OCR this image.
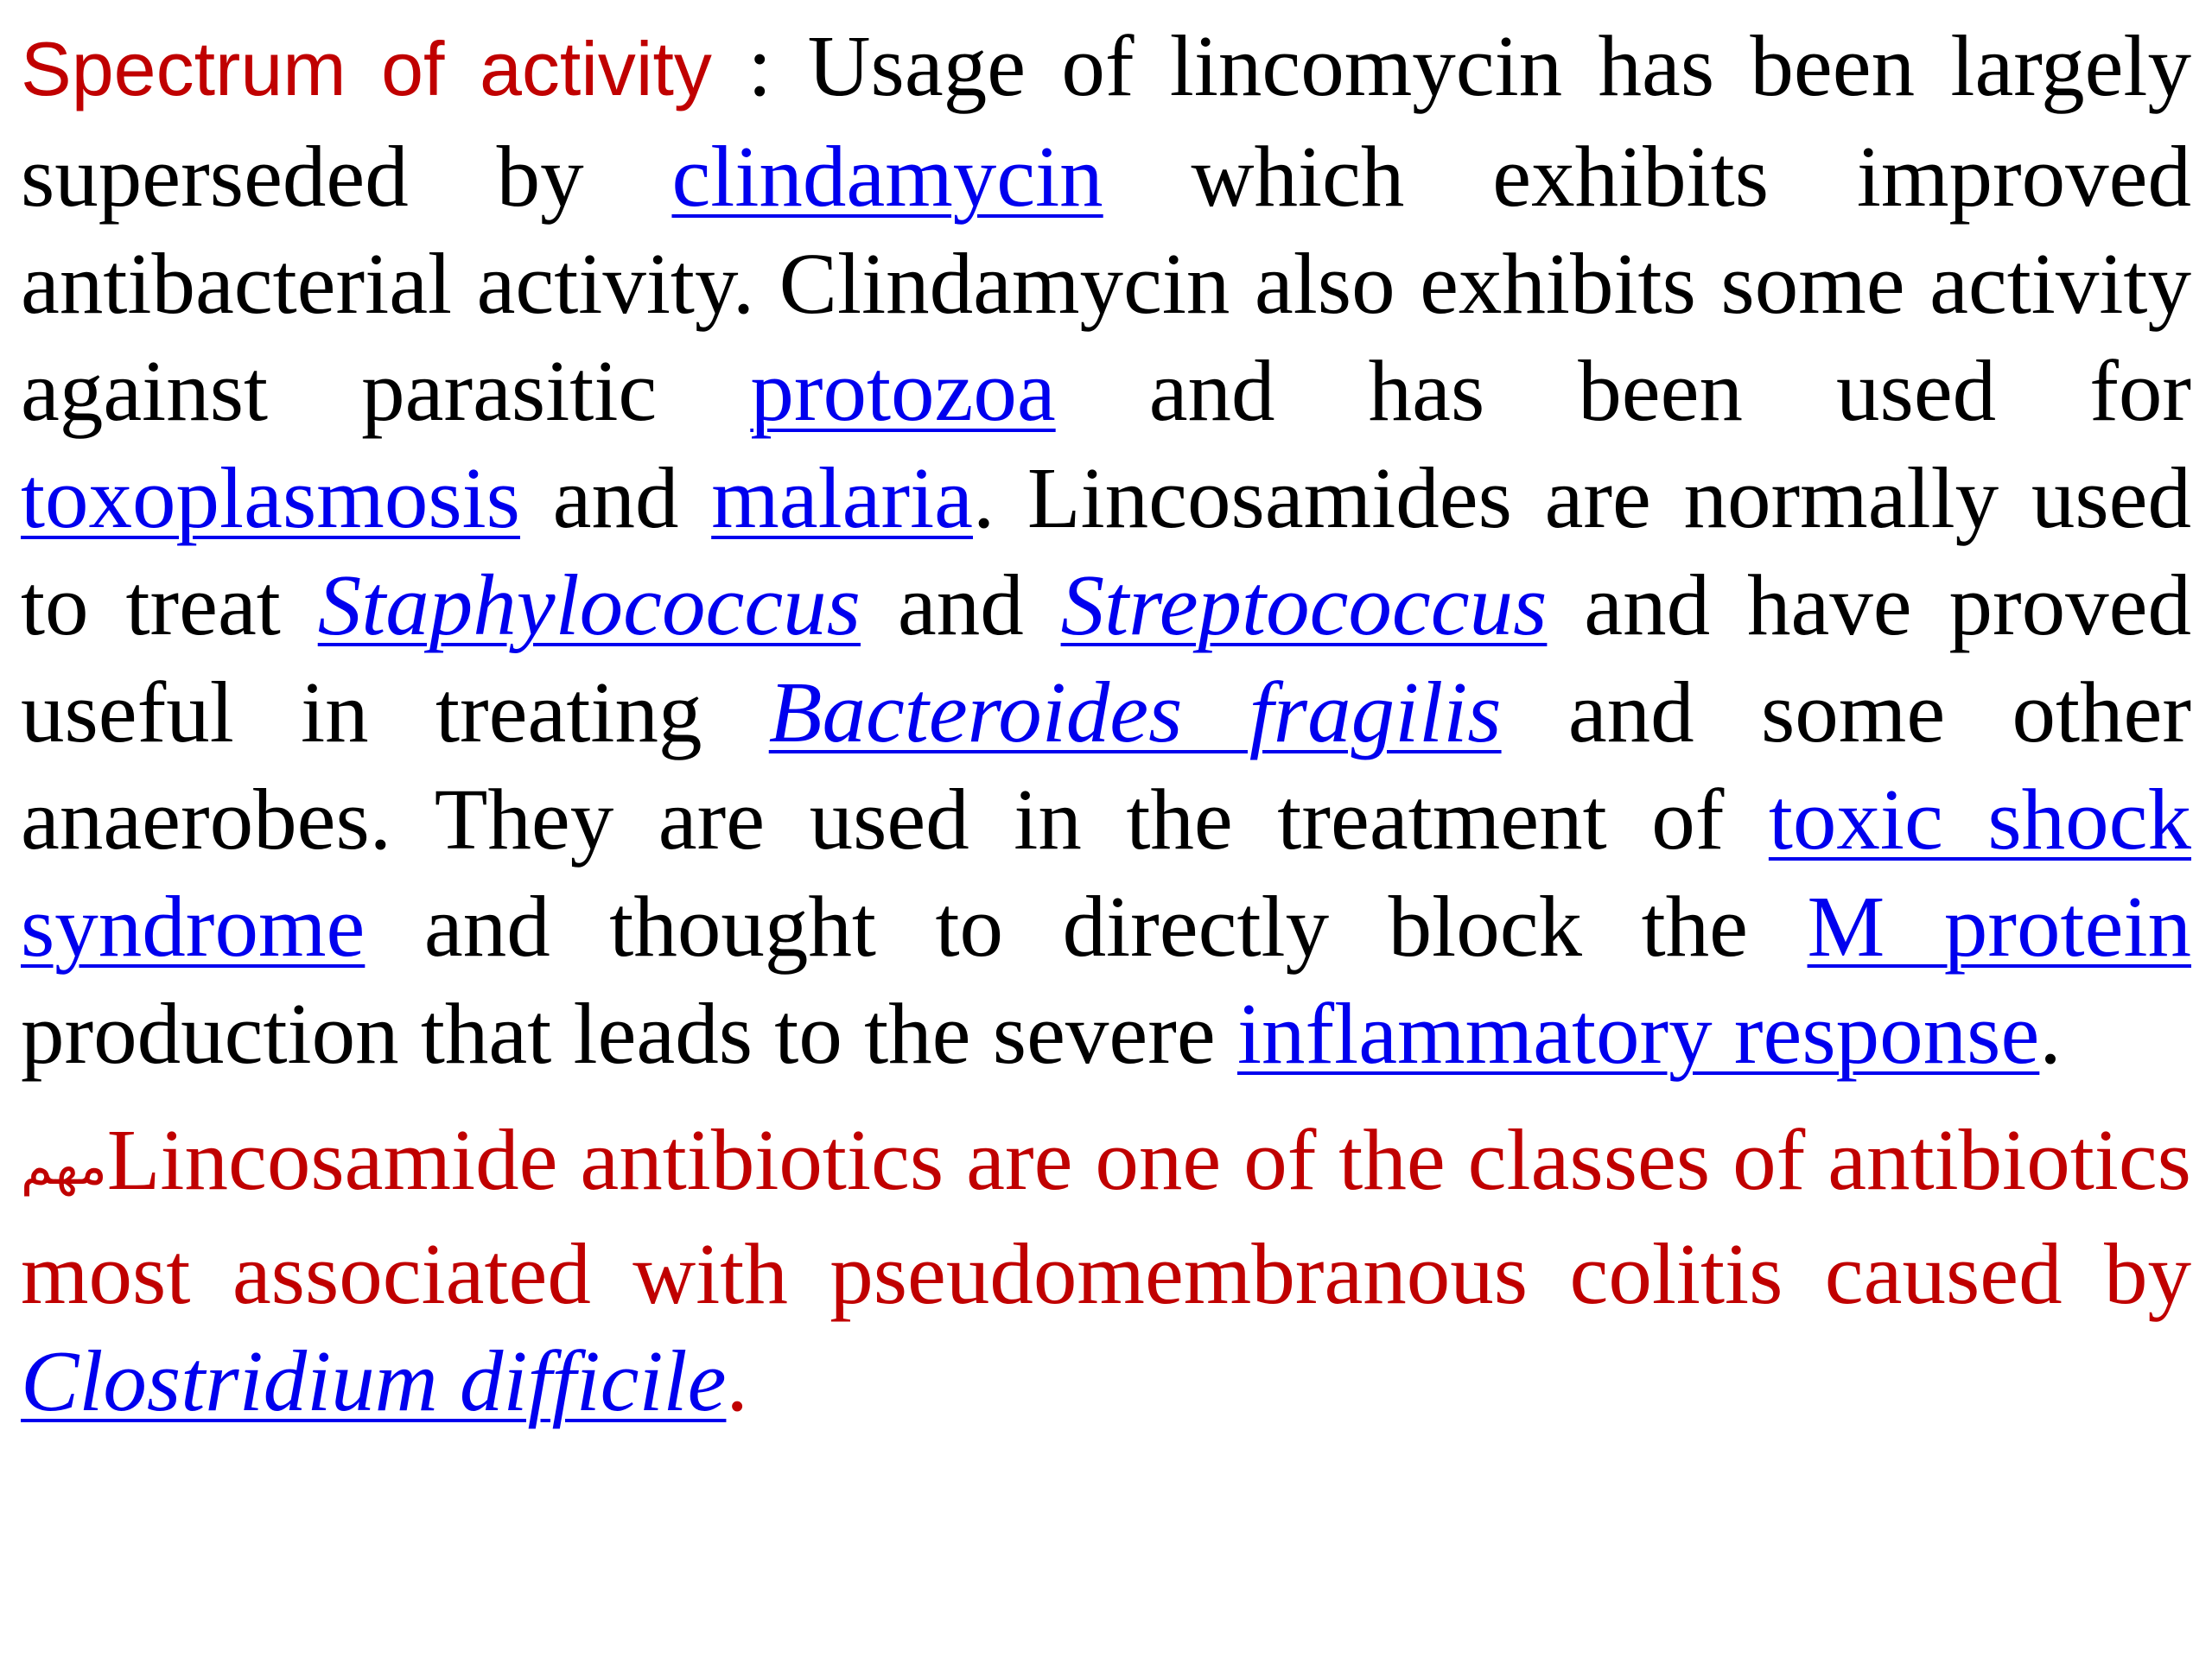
Spectrum of activity : Usage of lincomycin has been largely superseded by clindamycin which exhibits improved antibacterial activity. Clindamycin also exhibits some activity against parasitic protozoa and has been used for toxoplasmosis and malaria. Lincosamides are normally used to treat Staphylococcus and Streptococcus and have proved useful in treating Bacteroides fragilis and some other anaerobes. They are used in the treatment of toxic shock syndrome and thought to directly block the M protein production that leads to the severe inflammatory response.

مهمLincosamide antibiotics are one of the classes of antibiotics most associated with pseudomembranous colitis caused by Clostridium difficile.
